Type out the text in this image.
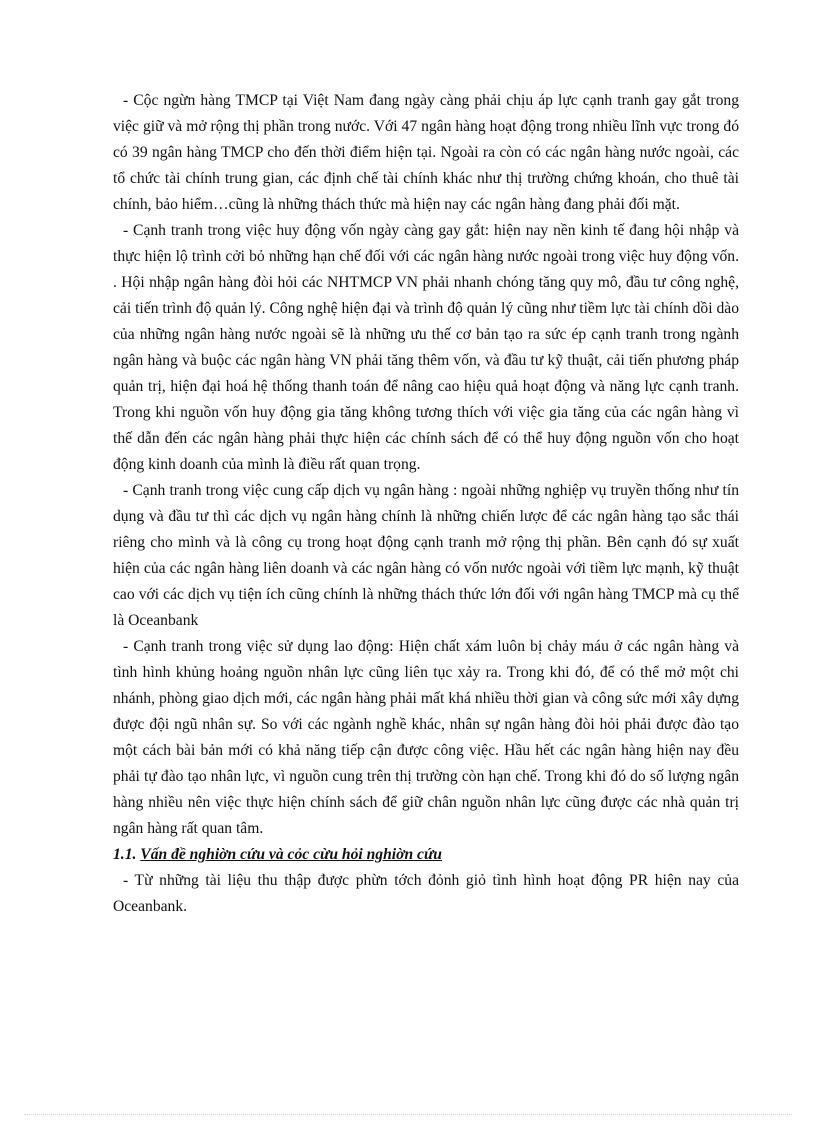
- Cộc ngừn hàng TMCP tại Việt Nam đang ngày càng phải chịu áp lực cạnh tranh gay gắt trong việc giữ và mở rộng thị phần trong nước. Với 47 ngân hàng hoạt động trong nhiều lĩnh vực trong đó có 39 ngân hàng TMCP cho đến thời điểm hiện tại. Ngoài ra còn có các ngân hàng nước ngoài, các tổ chức tài chính trung gian, các định chế tài chính khác như thị trường chứng khoán, cho thuê tài chính, bảo hiểm…cũng là những thách thức mà hiện nay các ngân hàng đang phải đối mặt.

- Cạnh tranh trong việc huy động vốn ngày càng gay gắt: hiện nay nền kinh tế đang hội nhập và thực hiện lộ trình cởi bỏ những hạn chế đối với các ngân hàng nước ngoài trong việc huy động vốn. . Hội nhập ngân hàng đòi hỏi các NHTMCP VN phải nhanh chóng tăng quy mô, đầu tư công nghệ, cải tiến trình độ quản lý. Công nghệ hiện đại và trình độ quản lý cũng như tiềm lực tài chính dồi dào của những ngân hàng nước ngoài sẽ là những ưu thế cơ bản tạo ra sức ép cạnh tranh trong ngành ngân hàng và buộc các ngân hàng VN phải tăng thêm vốn, và đầu tư kỹ thuật, cải tiến phương pháp quản trị, hiện đại hoá hệ thống thanh toán để nâng cao hiệu quả hoạt động và năng lực cạnh tranh. Trong khi nguồn vốn huy động gia tăng không tương thích với việc gia tăng của các ngân hàng vì thế dẫn đến các ngân hàng phải thực hiện các chính sách để có thể huy động nguồn vốn cho hoạt động kinh doanh của mình là điều rất quan trọng.

- Cạnh tranh trong việc cung cấp dịch vụ ngân hàng : ngoài những nghiệp vụ truyền thống như tín dụng và đầu tư thì các dịch vụ ngân hàng chính là những chiến lược để các ngân hàng tạo sắc thái riêng cho mình và là công cụ trong hoạt động cạnh tranh mở rộng thị phần. Bên cạnh đó sự xuất hiện của các ngân hàng liên doanh và các ngân hàng có vốn nước ngoài với tiềm lực mạnh, kỹ thuật cao với các dịch vụ tiện ích cũng chính là những thách thức lớn đối với ngân hàng TMCP mà cụ thể là Oceanbank

- Cạnh tranh trong việc sử dụng lao động: Hiện chất xám luôn bị chảy máu ở các ngân hàng và tình hình khủng hoảng nguồn nhân lực cũng liên tục xảy ra. Trong khi đó, để có thể mở một chi nhánh, phòng giao dịch mới, các ngân hàng phải mất khá nhiều thời gian và công sức mới xây dựng được đội ngũ nhân sự. So với các ngành nghề khác, nhân sự ngân hàng đòi hỏi phải được đào tạo một cách bài bản mới có khả năng tiếp cận được công việc. Hầu hết các ngân hàng hiện nay đều phải tự đào tạo nhân lực, vì nguồn cung trên thị trường còn hạn chế. Trong khi đó do số lượng ngân hàng nhiều nên việc thực hiện chính sách để giữ chân nguồn nhân lực cũng được các nhà quản trị ngân hàng rất quan tâm.

1.1. Vấn đề nghiờn cứu và cỏc cừu hỏi nghiờn cứu

- Từ những tài liệu thu thập được phừn tớch đỏnh giỏ tình hình hoạt động PR hiện nay của Oceanbank.
